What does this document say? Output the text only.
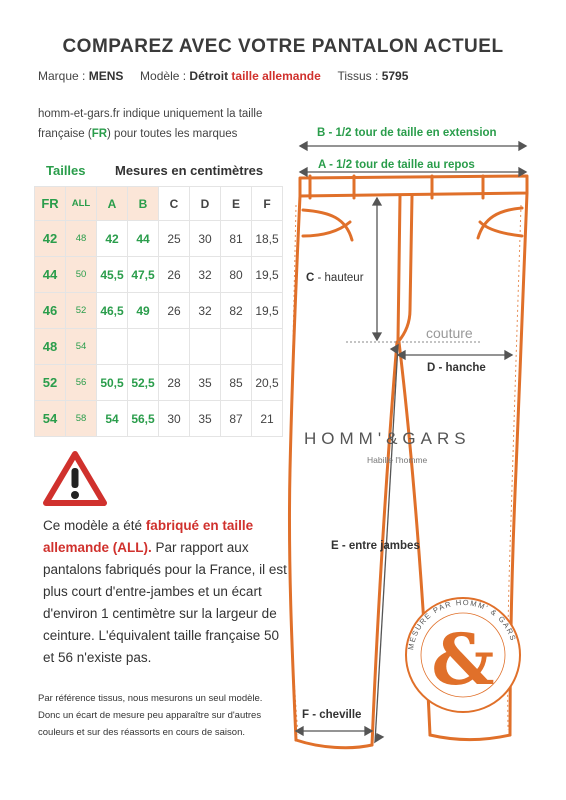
COMPAREZ AVEC VOTRE PANTALON ACTUEL
Marque : MENS Modèle : Détroit taille allemande Tissus : 5795
homm-et-gars.fr indique uniquement la taille française (FR) pour toutes les marques
Tailles Mesures en centimètres
FR	ALL	A	B	C	D	E	F
42	48	42	44	25	30	81	18,5
44	50	45,5	47,5	26	32	80	19,5
46	52	46,5	49	26	32	82	19,5
48	54						
52	56	50,5	52,5	28	35	85	20,5
54	58	54	56,5	30	35	87	21
Ce modèle a été fabriqué en taille allemande (ALL). Par rapport aux pantalons fabriqués pour la France, il est plus court d'entre-jambes et un écart d'environ 1 centimètre sur la largeur de ceinture. L'équivalent taille française 50 et 56 n'existe pas.
Par référence tissus, nous mesurons un seul modèle. Donc un écart de mesure peu apparaître sur d'autres couleurs et sur des réassorts en cours de saison.
MESURE PAR HOMM' & GARS
&
B - 1/2 tour de taille en extension
A - 1/2 tour de taille au repos
C - hauteur
couture
D - hanche
HOMM'&GARS
Habille l'homme
E - entre jambes
F - cheville
